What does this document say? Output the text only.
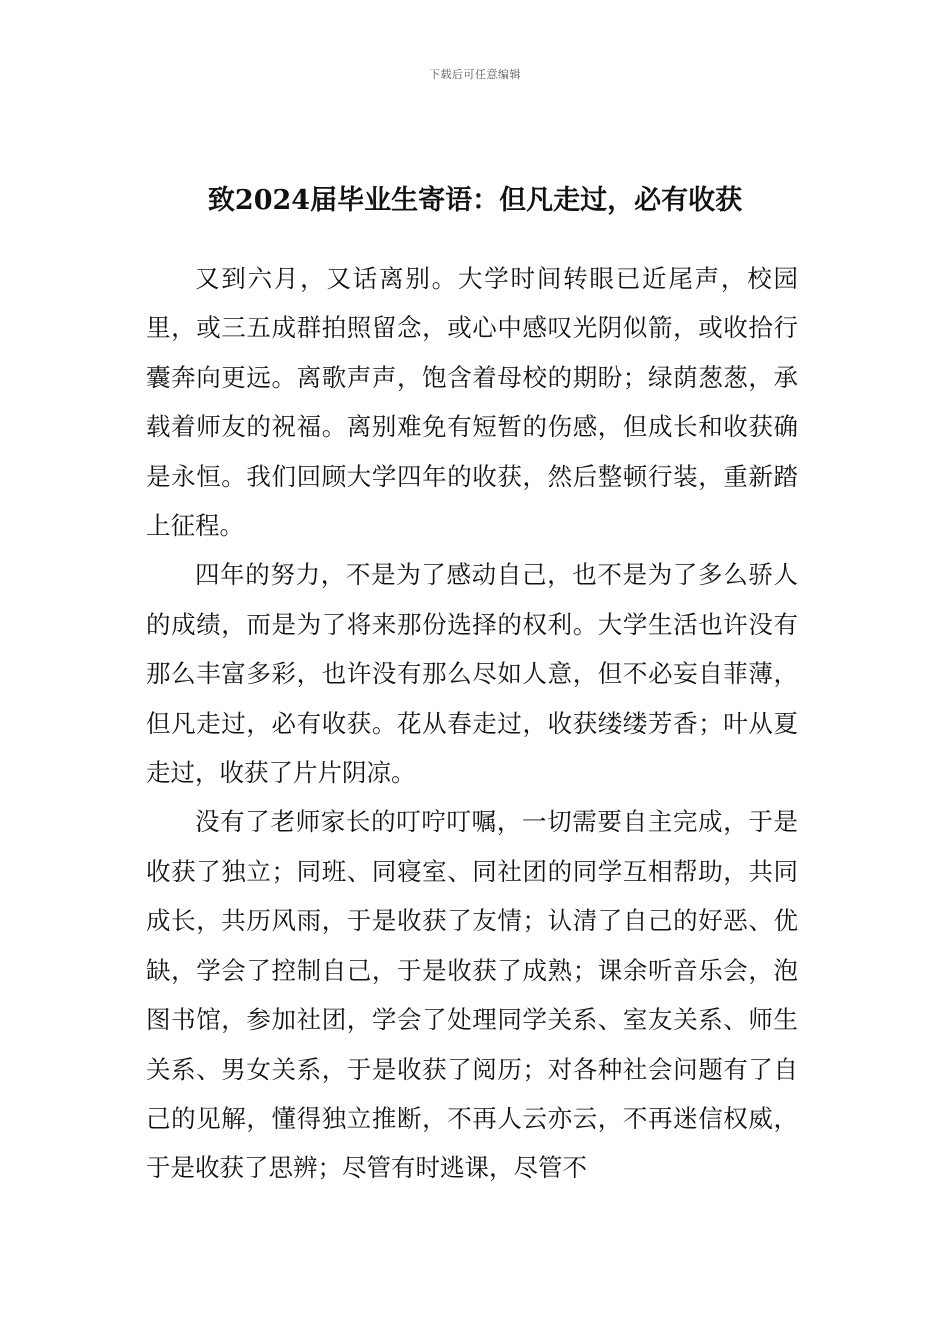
下载后可任意编辑
致2024届毕业生寄语：但凡走过，必有收获

又到六月，又话离别。大学时间转眼已近尾声，校园里，或三五成群拍照留念，或心中感叹光阴似箭，或收拾行囊奔向更远。离歌声声，饱含着母校的期盼；绿荫葱葱，承载着师友的祝福。离别难免有短暂的伤感，但成长和收获确是永恒。我们回顾大学四年的收获，然后整顿行装，重新踏上征程。

四年的努力，不是为了感动自己，也不是为了多么骄人的成绩，而是为了将来那份选择的权利。大学生活也许没有那么丰富多彩，也许没有那么尽如人意，但不必妄自菲薄，但凡走过，必有收获。花从春走过，收获缕缕芳香；叶从夏走过，收获了片片阴凉。

没有了老师家长的叮咛叮嘱，一切需要自主完成，于是收获了独立；同班、同寝室、同社团的同学互相帮助，共同成长，共历风雨，于是收获了友情；认清了自己的好恶、优缺，学会了控制自己，于是收获了成熟；课余听音乐会，泡图书馆，参加社团，学会了处理同学关系、室友关系、师生关系、男女关系，于是收获了阅历；对各种社会问题有了自己的见解，懂得独立推断，不再人云亦云，不再迷信权威，于是收获了思辨；尽管有时逃课，尽管不
